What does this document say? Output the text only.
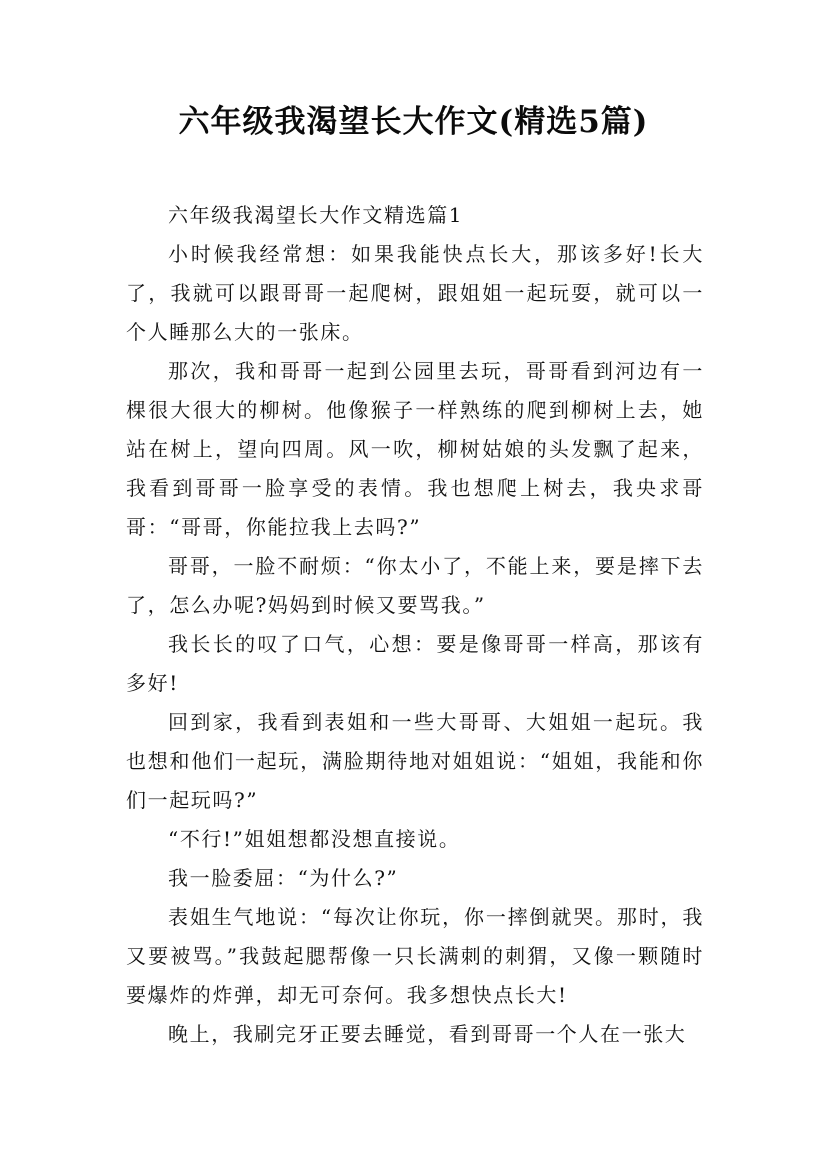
六年级我渴望长大作文(精选5篇)

六年级我渴望长大作文精选篇1

小时候我经常想：如果我能快点长大，那该多好!长大了，我就可以跟哥哥一起爬树，跟姐姐一起玩耍，就可以一个人睡那么大的一张床。

那次，我和哥哥一起到公园里去玩，哥哥看到河边有一棵很大很大的柳树。他像猴子一样熟练的爬到柳树上去，她站在树上，望向四周。风一吹，柳树姑娘的头发飘了起来，我看到哥哥一脸享受的表情。我也想爬上树去，我央求哥哥：“哥哥，你能拉我上去吗?”

哥哥，一脸不耐烦：“你太小了，不能上来，要是摔下去了，怎么办呢?妈妈到时候又要骂我。”

我长长的叹了口气，心想：要是像哥哥一样高，那该有多好!

回到家，我看到表姐和一些大哥哥、大姐姐一起玩。我也想和他们一起玩，满脸期待地对姐姐说：“姐姐，我能和你们一起玩吗?”

“不行!”姐姐想都没想直接说。

我一脸委屈：“为什么?”

表姐生气地说：“每次让你玩，你一摔倒就哭。那时，我又要被骂。”我鼓起腮帮像一只长满刺的刺猬，又像一颗随时要爆炸的炸弹，却无可奈何。我多想快点长大!

晚上，我刷完牙正要去睡觉，看到哥哥一个人在一张大
